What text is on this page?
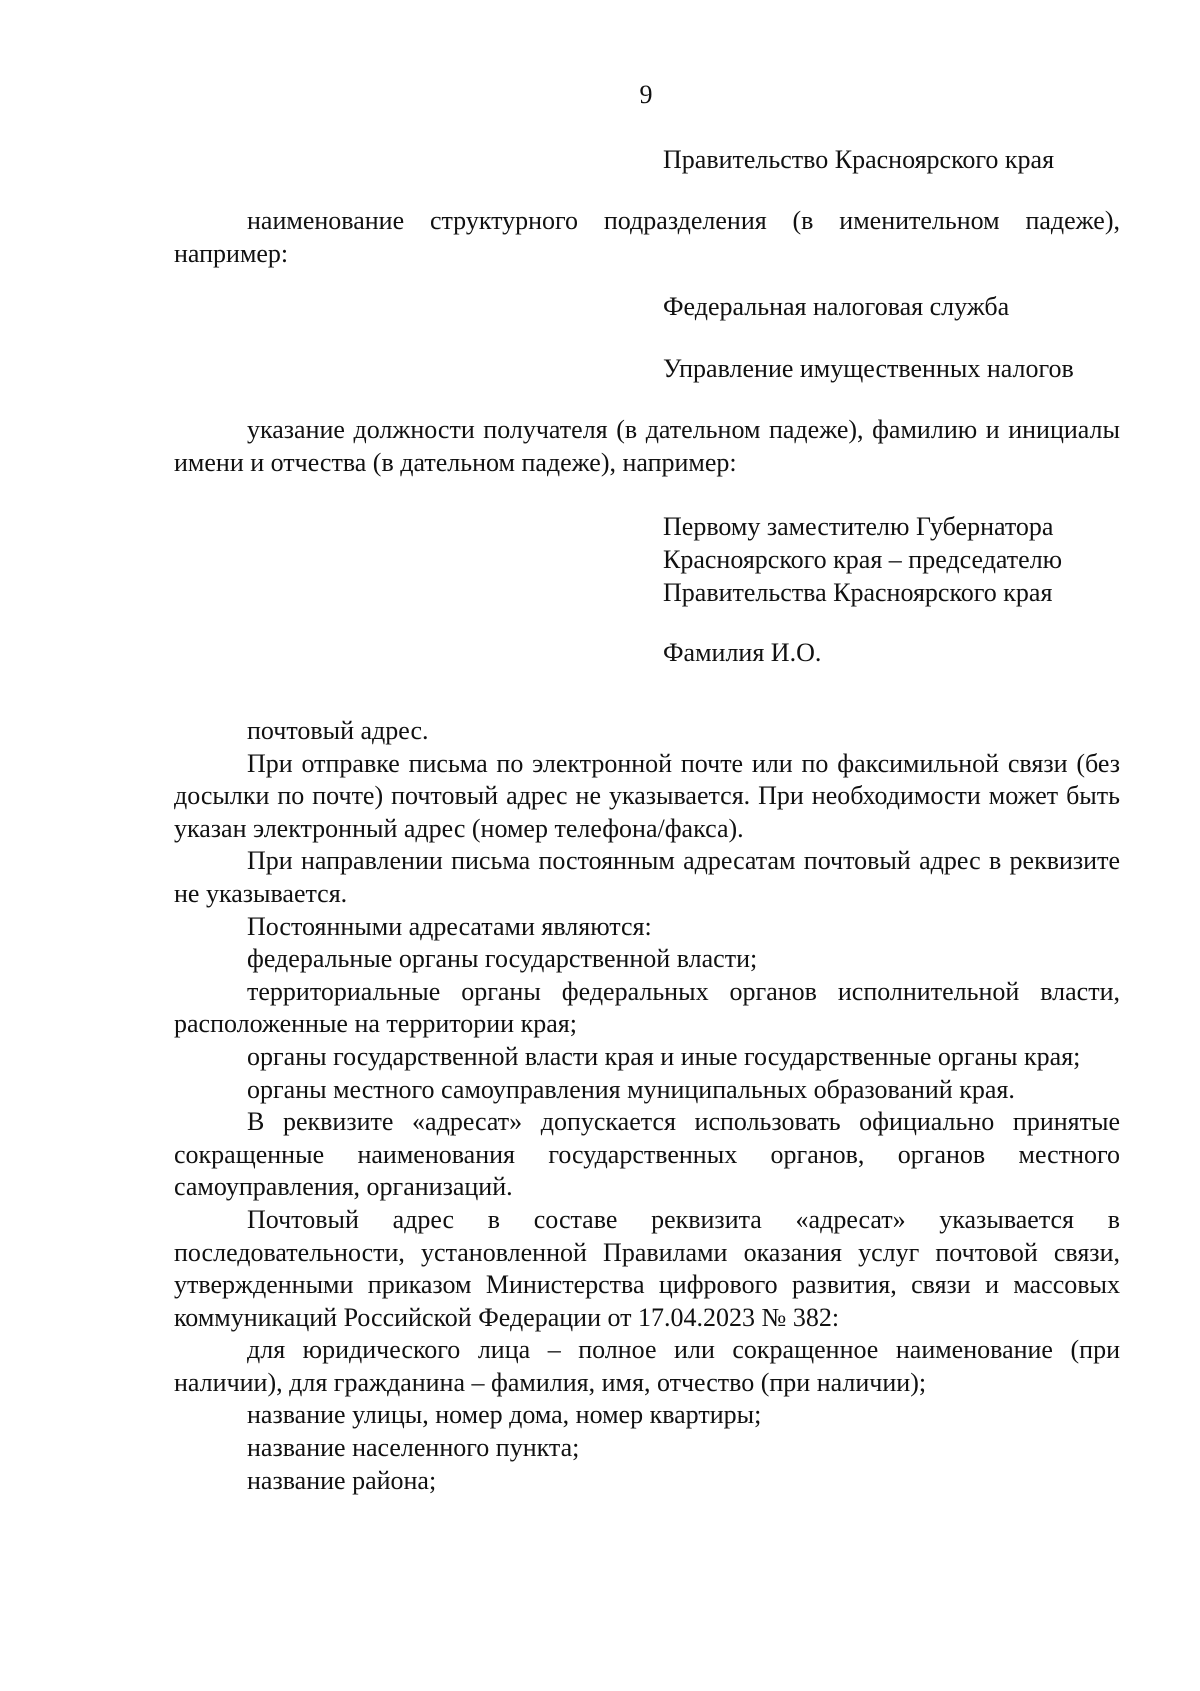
9
Правительство Красноярского края

наименование структурного подразделения (в именительном падеже), например:

Федеральная налоговая служба
Управление имущественных налогов

указание должности получателя (в дательном падеже), фамилию и инициалы имени и отчества (в дательном падеже), например:

Первому заместителю Губернатора
Красноярского края – председателю
Правительства Красноярского края
Фамилия И.О.

почтовый адрес.

При отправке письма по электронной почте или по факсимильной связи (без досылки по почте) почтовый адрес не указывается. При необходимости может быть указан электронный адрес (номер телефона/факса).

При направлении письма постоянным адресатам почтовый адрес в реквизите не указывается.

Постоянными адресатами являются:

федеральные органы государственной власти;

территориальные органы федеральных органов исполнительной власти, расположенные на территории края;

органы государственной власти края и иные государственные органы края;

органы местного самоуправления муниципальных образований края.

В реквизите «адресат» допускается использовать официально принятые сокращенные наименования государственных органов, органов местного самоуправления, организаций.

Почтовый адрес в составе реквизита «адресат» указывается в последовательности, установленной Правилами оказания услуг почтовой связи, утвержденными приказом Министерства цифрового развития, связи и массовых коммуникаций Российской Федерации от 17.04.2023 № 382:

для юридического лица – полное или сокращенное наименование (при наличии), для гражданина – фамилия, имя, отчество (при наличии);

название улицы, номер дома, номер квартиры;

название населенного пункта;

название района;
